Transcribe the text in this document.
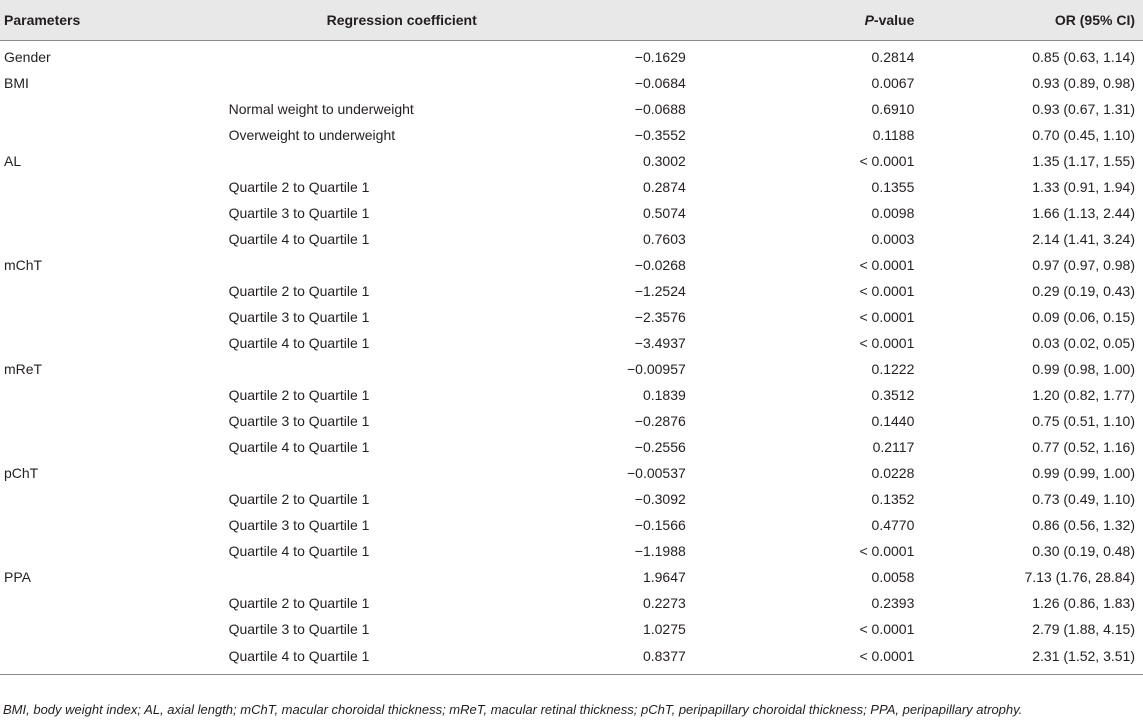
Parameters	Regression coefficient		P-value	OR (95% CI)
Gender		−0.1629	0.2814	0.85 (0.63, 1.14)
BMI		−0.0684	0.0067	0.93 (0.89, 0.98)
	Normal weight to underweight	−0.0688	0.6910	0.93 (0.67, 1.31)
	Overweight to underweight	−0.3552	0.1188	0.70 (0.45, 1.10)
AL		0.3002	< 0.0001	1.35 (1.17, 1.55)
	Quartile 2 to Quartile 1	0.2874	0.1355	1.33 (0.91, 1.94)
	Quartile 3 to Quartile 1	0.5074	0.0098	1.66 (1.13, 2.44)
	Quartile 4 to Quartile 1	0.7603	0.0003	2.14 (1.41, 3.24)
mChT		−0.0268	< 0.0001	0.97 (0.97, 0.98)
	Quartile 2 to Quartile 1	−1.2524	< 0.0001	0.29 (0.19, 0.43)
	Quartile 3 to Quartile 1	−2.3576	< 0.0001	0.09 (0.06, 0.15)
	Quartile 4 to Quartile 1	−3.4937	< 0.0001	0.03 (0.02, 0.05)
mReT		−0.00957	0.1222	0.99 (0.98, 1.00)
	Quartile 2 to Quartile 1	0.1839	0.3512	1.20 (0.82, 1.77)
	Quartile 3 to Quartile 1	−0.2876	0.1440	0.75 (0.51, 1.10)
	Quartile 4 to Quartile 1	−0.2556	0.2117	0.77 (0.52, 1.16)
pChT		−0.00537	0.0228	0.99 (0.99, 1.00)
	Quartile 2 to Quartile 1	−0.3092	0.1352	0.73 (0.49, 1.10)
	Quartile 3 to Quartile 1	−0.1566	0.4770	0.86 (0.56, 1.32)
	Quartile 4 to Quartile 1	−1.1988	< 0.0001	0.30 (0.19, 0.48)
PPA		1.9647	0.0058	7.13 (1.76, 28.84)
	Quartile 2 to Quartile 1	0.2273	0.2393	1.26 (0.86, 1.83)
	Quartile 3 to Quartile 1	1.0275	< 0.0001	2.79 (1.88, 4.15)
	Quartile 4 to Quartile 1	0.8377	< 0.0001	2.31 (1.52, 3.51)
BMI, body weight index; AL, axial length; mChT, macular choroidal thickness; mReT, macular retinal thickness; pChT, peripapillary choroidal thickness; PPA, peripapillary atrophy.
